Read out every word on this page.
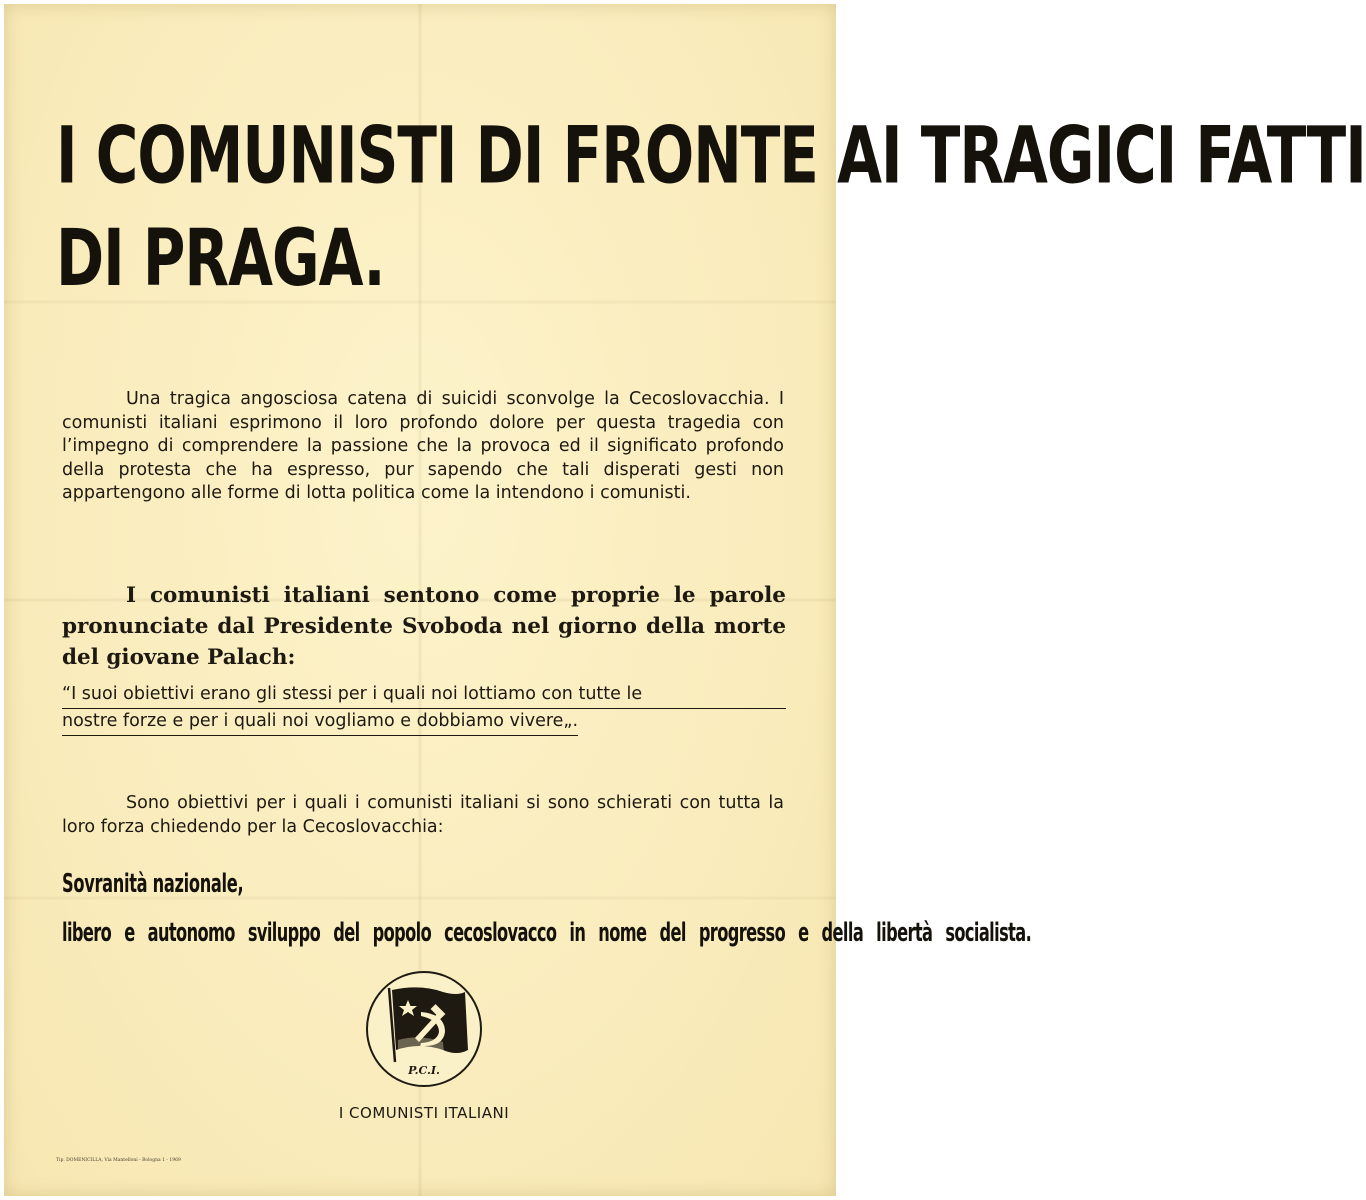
I COMUNISTI DI FRONTE AI TRAGICI FATTI
DI PRAGA.
Una tragica angosciosa catena di suicidi sconvolge la Cecoslovacchia. I comunisti italiani esprimono il loro profondo dolore per questa tragedia con l’impegno di comprendere la passione che la provoca ed il significato profondo della protesta che ha espresso, pur sapendo che tali disperati gesti non appartengono alle forme di lotta politica come la intendono i comunisti.
I comunisti italiani sentono come proprie le parole pronunciate dal Presidente Svoboda nel giorno della morte del giovane Palach:
“I suoi obiettivi erano gli stessi per i quali noi lottiamo con tutte le
nostre forze e per i quali noi vogliamo e dobbiamo vivere„.
Sono obiettivi per i quali i comunisti italiani si sono schierati con tutta la loro forza chiedendo per la Cecoslovacchia:
Sovranità nazionale,
libero e autonomo sviluppo del popolo cecoslovacco in nome del progresso e della libertà socialista.
P.C.I.
I COMUNISTI ITALIANI
Tip. DOMENICILLA, Via Mantelloni - Bologna 1 - 1969
